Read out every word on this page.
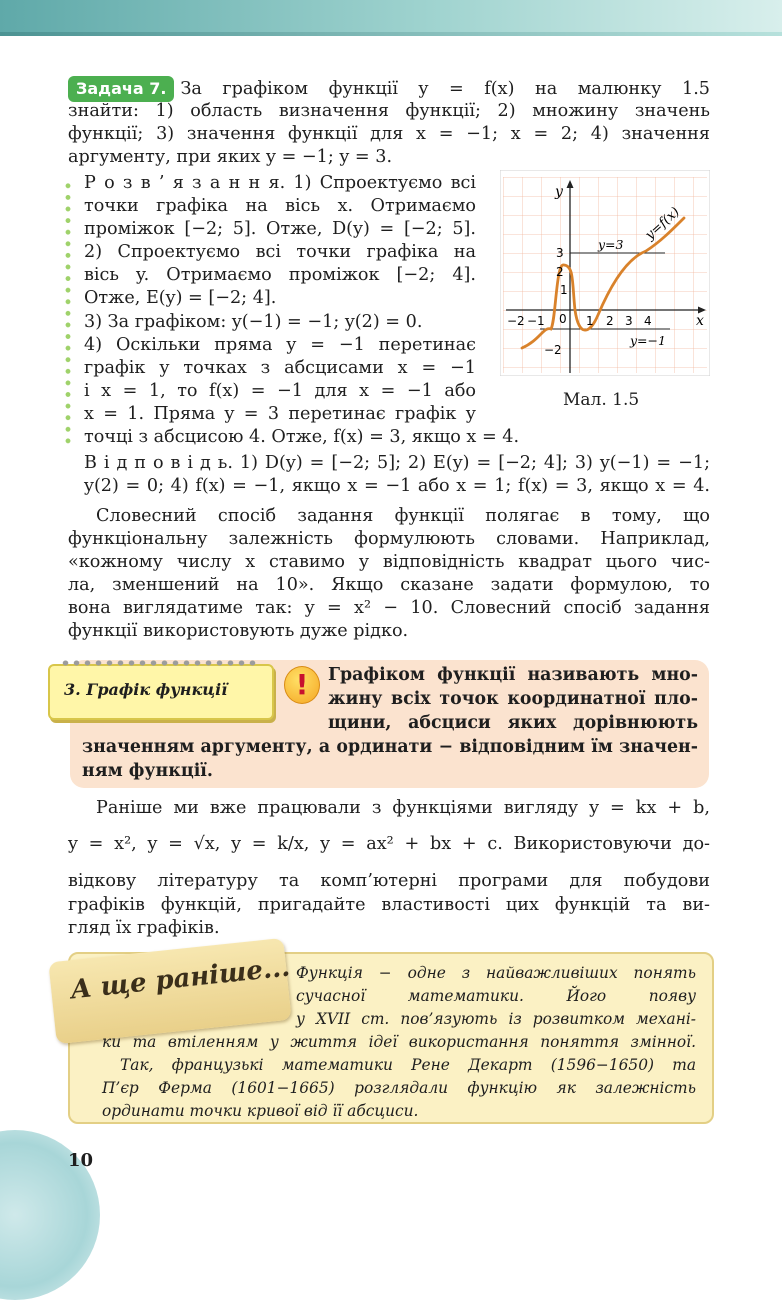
Задача 7. За графіком функції y = f(x) на малюнку 1.5
знайти: 1) область визначення функції; 2) множину значень
функції; 3) значення функції для x = −1; x = 2; 4) значення
аргументу, при яких y = −1; y = 3.
Р о з в ’ я з а н н я. 1) Спроектуємо всі
точки графіка на вісь x. Отримаємо
проміжок [−2; 5]. Отже, D(y) = [−2; 5].
2) Спроектуємо всі точки графіка на
вісь y. Отримаємо проміжок [−2; 4].
Отже, E(y) = [−2; 4].
3) За графіком: y(−1) = −1; y(2) = 0.
4) Оскільки пряма y = −1 перетинає
графік у точках з абсцисами x = −1
і x = 1, то f(x) = −1 для x = −1 або
x = 1. Пряма y = 3 перетинає графік у
точці з абсцисою 4. Отже, f(x) = 3, якщо x = 4.
y
x
y=f(x)
y=3
y=−1
0
−2 −1	1 2 3 4
3
2
1
−2
Мал. 1.5
В і д п о в і д ь. 1) D(y) = [−2; 5]; 2) E(y) = [−2; 4]; 3) y(−1) = −1;
y(2) = 0; 4) f(x) = −1, якщо x = −1 або x = 1; f(x) = 3, якщо x = 4.
Словесний спосіб задання функції полягає в тому, що
функціональну залежність формулюють словами. Наприклад,
«кожному числу x ставимо у відповідність квадрат цього чис-
ла, зменшений на 10». Якщо сказане задати формулою, то
вона виглядатиме так: y = x² − 10. Словесний спосіб задання
функції використовують дуже рідко.
3. Графік функції	!	Графіком функції називають мно-
жину всіх точок координатної пло-
щини, абсциси яких дорівнюють
значенням аргументу, а ординати − відповідним їм значен-
ням функції.
Раніше ми вже працювали з функціями вигляду y = kx + b,
y = x², y = √x, y = k/x, y = ax² + bx + c. Використовуючи до-
відкову літературу та комп’ютерні програми для побудови
графіків функцій, пригадайте властивості цих функцій та ви-
гляд їх графіків.
А ще раніше... Функція − одне з найважливіших понять
сучасної математики. Його появу
у XVII ст. пов’язують із розвитком механі-
ки та втіленням у життя ідеї використання поняття змінної.
Так, французькі математики Рене Декарт (1596−1650) та
П’єр Ферма (1601−1665) розглядали функцію як залежність
ординати точки кривої від її абсциси.
10
